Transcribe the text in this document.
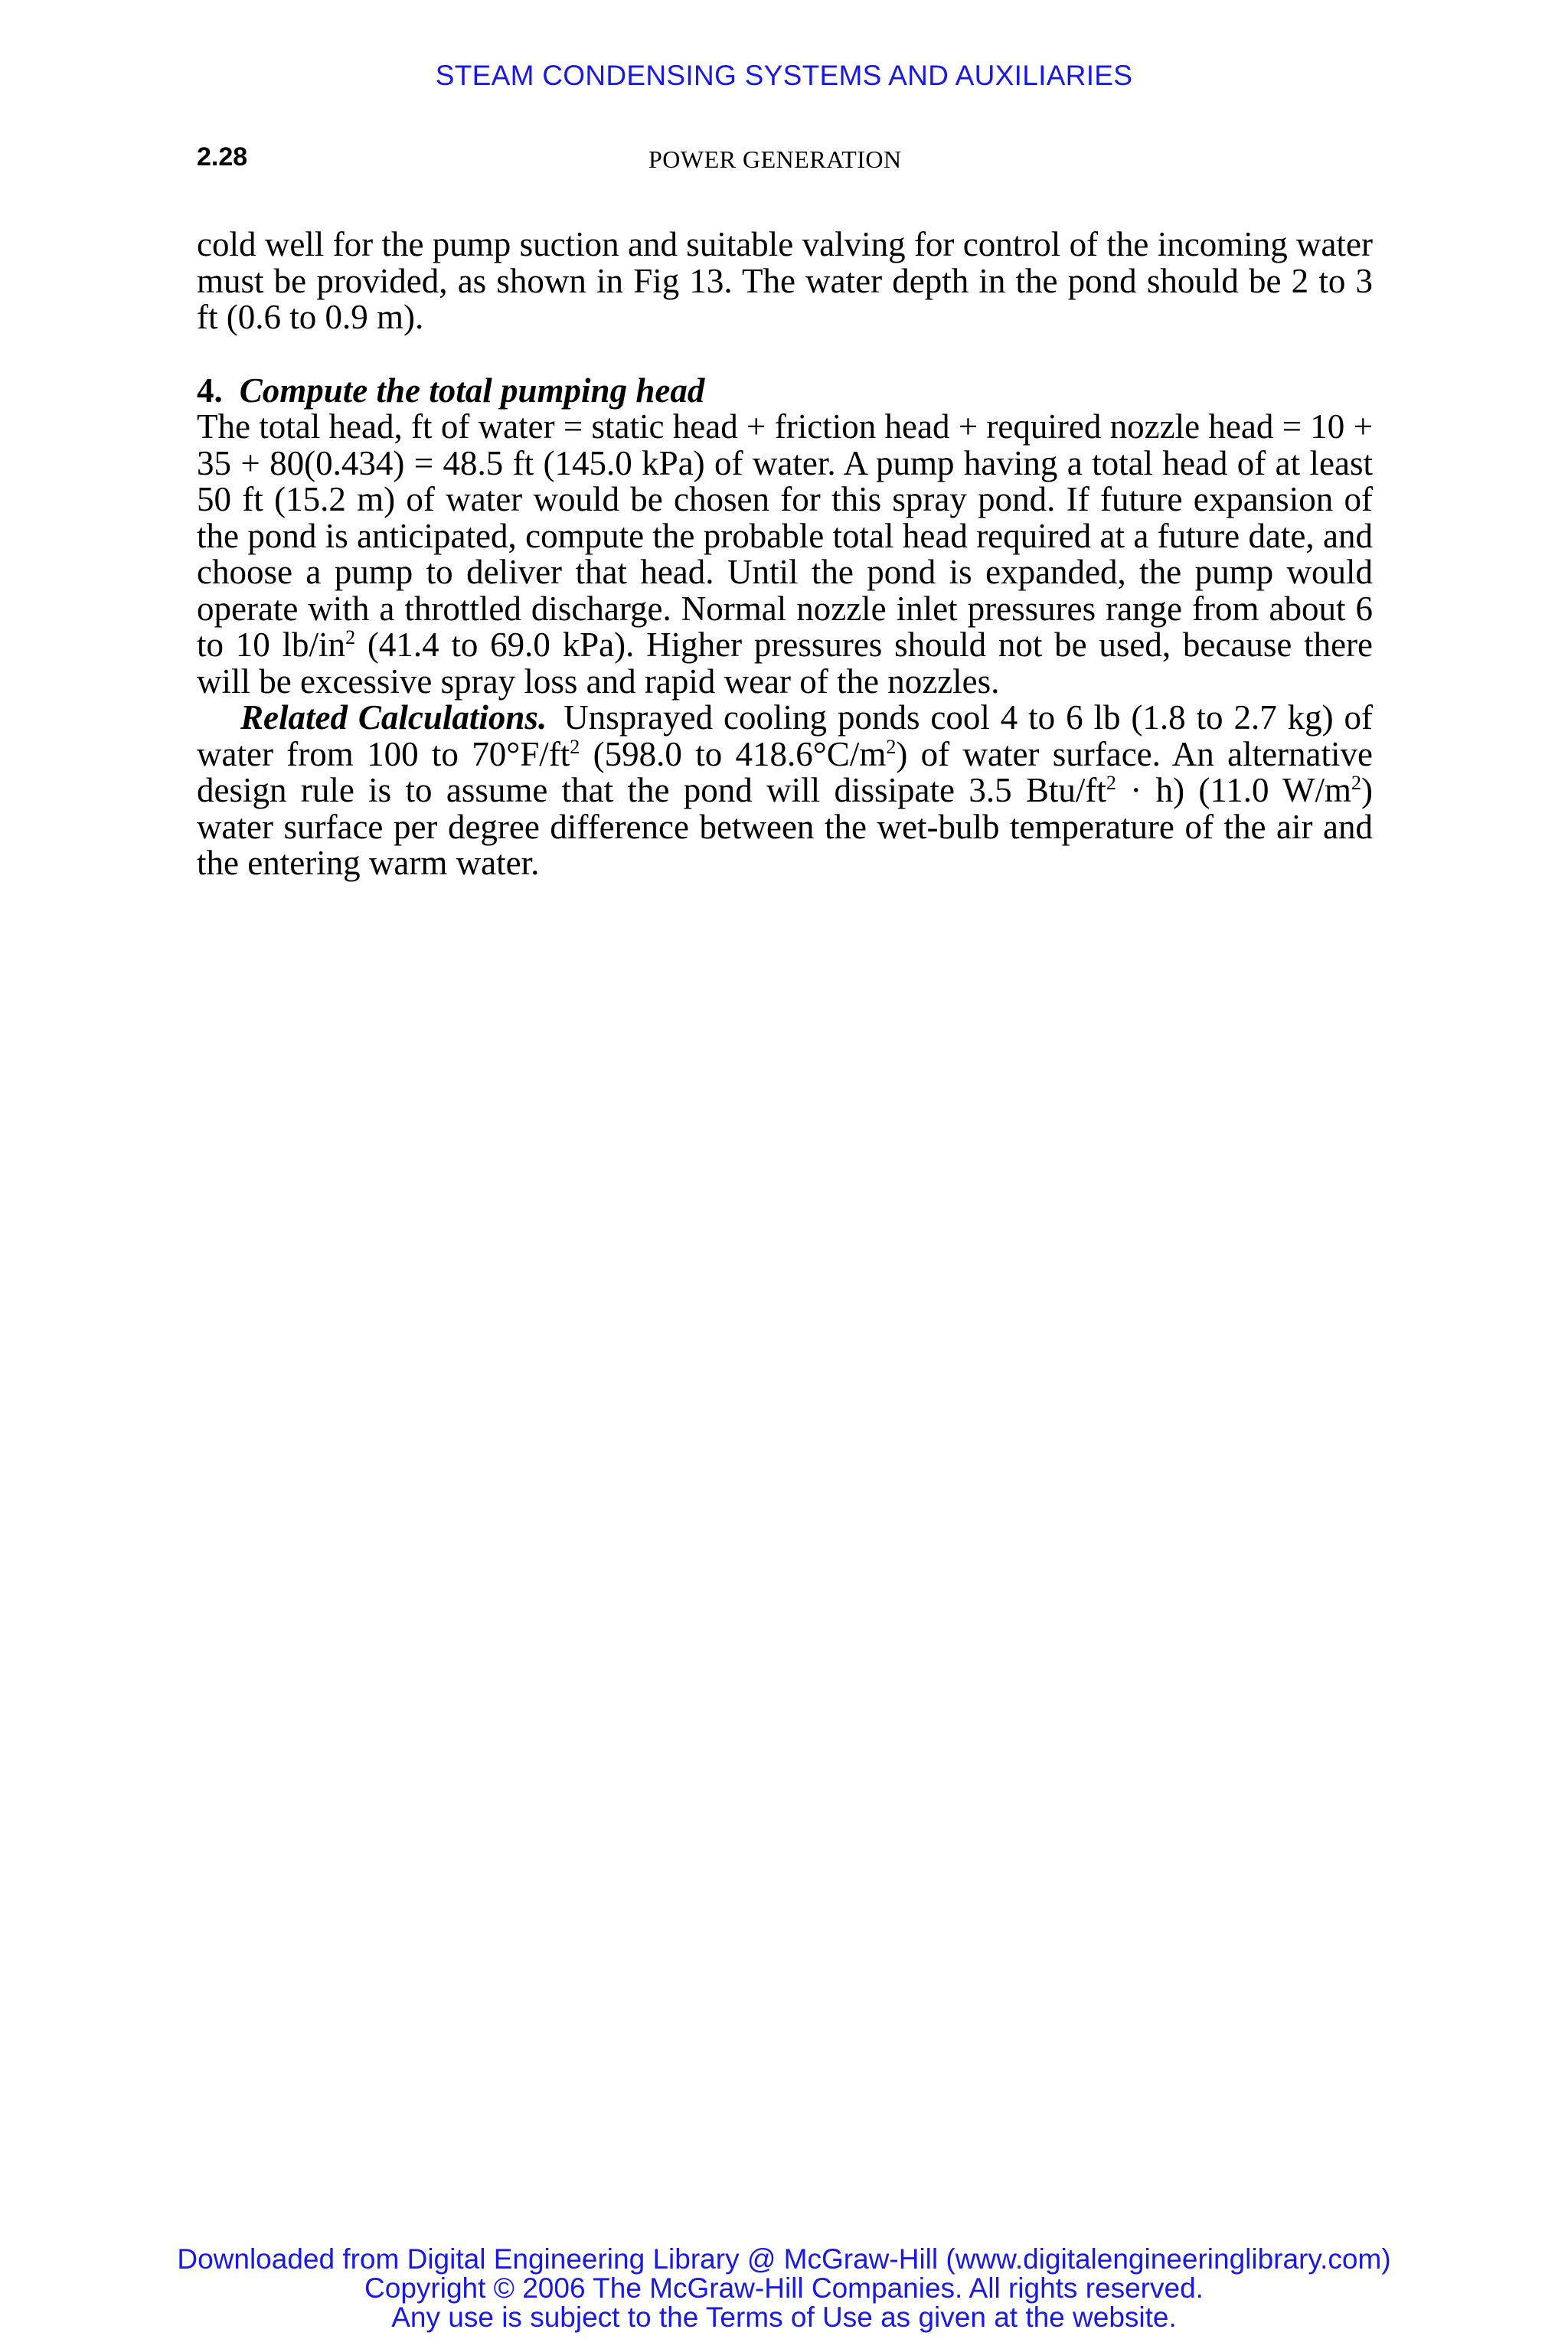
STEAM CONDENSING SYSTEMS AND AUXILIARIES
2.28	POWER GENERATION

cold well for the pump suction and suitable valving for control of the incoming water must be provided, as shown in Fig 13. The water depth in the pond should be 2 to 3 ft (0.6 to 0.9 m).

4. Compute the total pumping head

The total head, ft of water = static head + friction head + required nozzle head = 10 + 35 + 80(0.434) = 48.5 ft (145.0 kPa) of water. A pump having a total head of at least 50 ft (15.2 m) of water would be chosen for this spray pond. If future expansion of the pond is anticipated, compute the probable total head required at a future date, and choose a pump to deliver that head. Until the pond is expanded, the pump would operate with a throttled discharge. Normal nozzle inlet pressures range from about 6 to 10 $lb/in^2$ (41.4 to 69.0 kPa). Higher pressures should not be used, because there will be excessive spray loss and rapid wear of the nozzles.

Related Calculations. Unsprayed cooling ponds cool 4 to 6 lb (1.8 to 2.7 kg) of water from 100 to $70^\circ F/ft^2$ (598.0 to $418.6^\circ C/m^2$) of water surface. An alternative design rule is to assume that the pond will dissipate 3.5 Btu/$ft^2 \cdot h$) (11.0 $W/m^2$) water surface per degree difference between the wet-bulb temperature of the air and the entering warm water.

Downloaded from Digital Engineering Library @ McGraw-Hill (www.digitalengineeringlibrary.com)
Copyright © 2006 The McGraw-Hill Companies. All rights reserved.
Any use is subject to the Terms of Use as given at the website.
